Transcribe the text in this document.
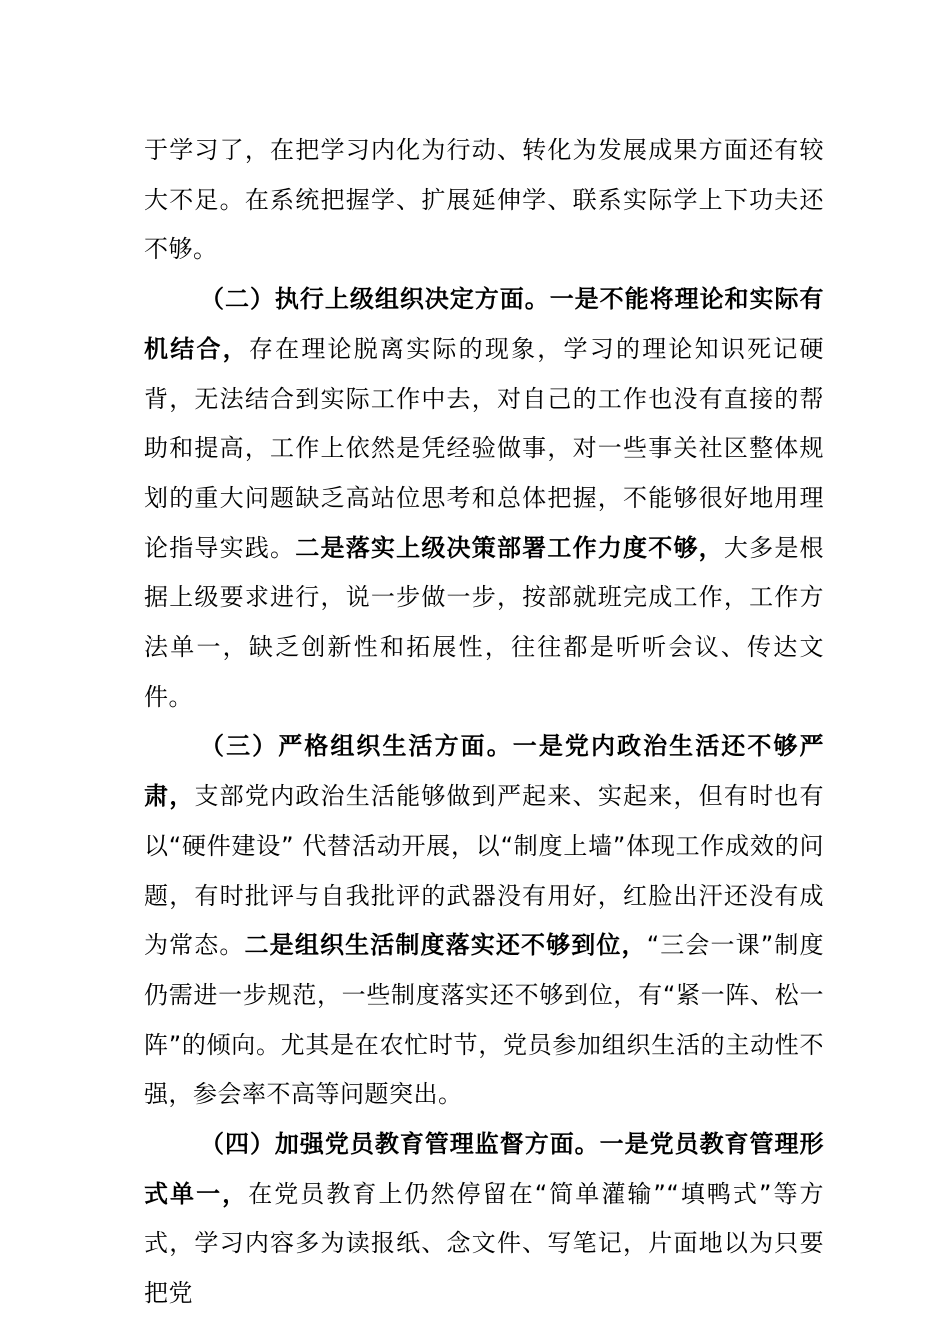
于学习了，在把学习内化为行动、转化为发展成果方面还有较大不足。在系统把握学、扩展延伸学、联系实际学上下功夫还不够。

（二）执行上级组织决定方面。一是不能将理论和实际有机结合，存在理论脱离实际的现象，学习的理论知识死记硬背，无法结合到实际工作中去，对自己的工作也没有直接的帮助和提高，工作上依然是凭经验做事，对一些事关社区整体规划的重大问题缺乏高站位思考和总体把握，不能够很好地用理论指导实践。二是落实上级决策部署工作力度不够，大多是根据上级要求进行，说一步做一步，按部就班完成工作，工作方法单一，缺乏创新性和拓展性，往往都是听听会议、传达文件。

（三）严格组织生活方面。一是党内政治生活还不够严肃，支部党内政治生活能够做到严起来、实起来，但有时也有以“硬件建设” 代替活动开展，以“制度上墙”体现工作成效的问题，有时批评与自我批评的武器没有用好，红脸出汗还没有成为常态。二是组织生活制度落实还不够到位，“三会一课”制度仍需进一步规范，一些制度落实还不够到位，有“紧一阵、松一阵”的倾向。尤其是在农忙时节，党员参加组织生活的主动性不强，参会率不高等问题突出。

（四）加强党员教育管理监督方面。一是党员教育管理形式单一，在党员教育上仍然停留在“简单灌输”“填鸭式”等方式，学习内容多为读报纸、念文件、写笔记，片面地以为只要把党
